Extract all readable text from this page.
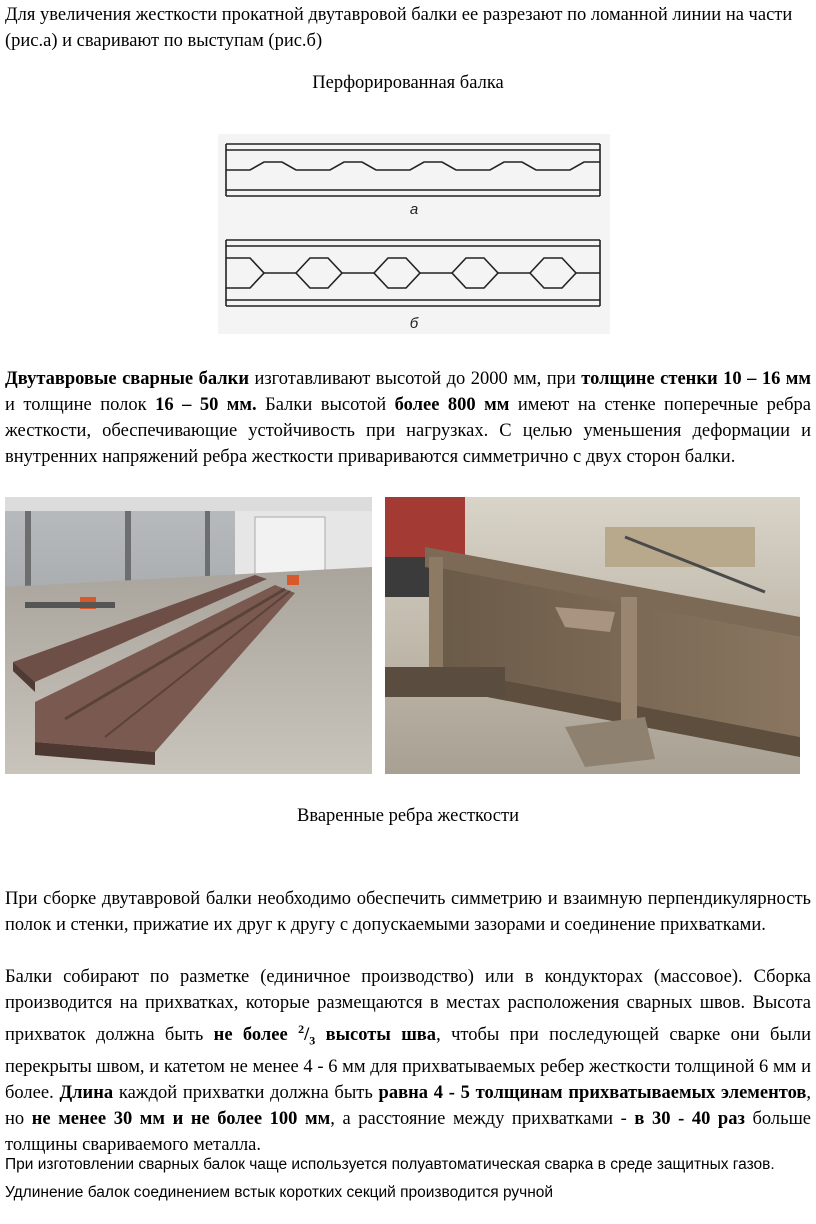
Для увеличения жесткости прокатной двутавровой балки ее разрезают по ломанной линии на части (рис.а) и сваривают по выступам (рис.б)

Перфорированная балка

а
б

Двутавровые сварные балки изготавливают высотой до 2000 мм, при толщине стенки 10 – 16 мм и толщине полок 16 – 50 мм. Балки высотой более 800 мм имеют на стенке поперечные ребра жесткости, обеспечивающие устойчивость при нагрузках. С целью уменьшения деформации и внутренних напряжений ребра жесткости привариваются симметрично с двух сторон балки.

Вваренные ребра жесткости

При сборке двутавровой балки необходимо обеспечить симметрию и взаимную перпендикулярность полок и стенки, прижатие их друг к другу с допускаемыми зазорами и соединение прихватками.

Балки собирают по разметке (единичное производство) или в кондукторах (массовое). Сборка производится на прихватках, которые размещаются в местах расположения сварных швов. Высота прихваток должна быть не более $^2/_3$ высоты шва, чтобы при последующей сварке они были перекрыты швом, и катетом не менее 4 - 6 мм для прихватываемых ребер жесткости толщиной 6 мм и более. Длина каждой прихватки должна быть равна 4 - 5 толщинам прихватываемых элементов, но не менее 30 мм и не более 100 мм, а расстояние между прихватками - в 30 - 40 раз больше толщины свариваемого металла.

При изготовлении сварных балок чаще используется полуавтоматическая сварка в среде защитных газов. Удлинение балок соединением встык коротких секций производится ручной
